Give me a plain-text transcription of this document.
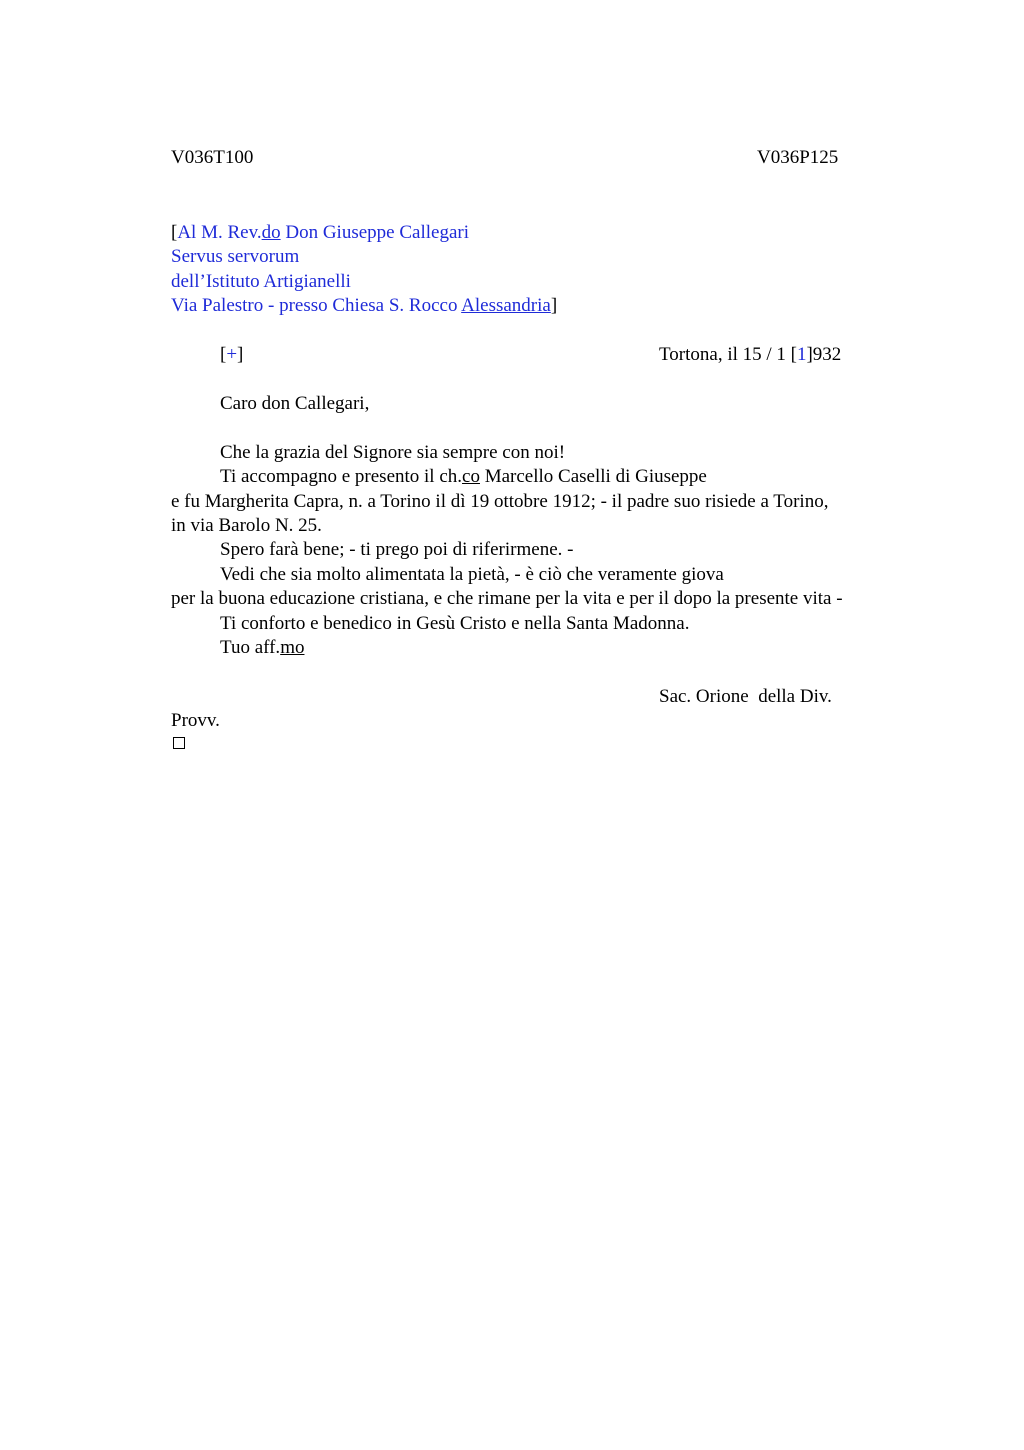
V036T100	V036P125
[Al M. Rev.do Don Giuseppe Callegari
Servus servorum
dell’Istituto Artigianelli
Via Palestro - presso Chiesa S. Rocco Alessandria]
[+]	Tortona, il 15 / 1 [1]932
Caro don Callegari,
Che la grazia del Signore sia sempre con noi!
Ti accompagno e presento il ch.co Marcello Caselli di Giuseppe
e fu Margherita Capra, n. a Torino il dì 19 ottobre 1912; - il padre suo risiede a Torino,
in via Barolo N. 25.
Spero farà bene; - ti prego poi di riferirmene. -
Vedi che sia molto alimentata la pietà, - è ciò che veramente giova
per la buona educazione cristiana, e che rimane per la vita e per il dopo la presente vita -
Ti conforto e benedico in Gesù Cristo e nella Santa Madonna.
Tuo aff.mo
Sac. Orione  della Div.
Provv.
